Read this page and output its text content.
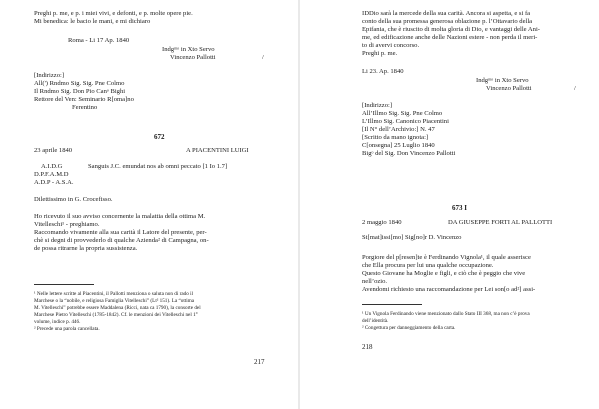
Preghi p. me, e p. i miei vivi, e defonti, e p. molte opere pie.
Mi benedica: le bacio le mani, e mi dichiaro
Roma - Li 17 Ap. 1840
Indgᵐᵒ in Xto Servo
Vincenzo Pallotti	/
[Indirizzo:]
All(') Rndmo Sig. Sig. Pne Colmo
Il Rndmo Sig. Don Pio Canᵒ Bighi
Rettore del Ven: Seminario R[oma]no
Ferentino
672
23 aprile 1840	A PIACENTINI LUIGI
A.I.D.G
D.P.F.A.M.D
A.D.P - A.S.A.
Sanguis J.C. emundat nos ab omni peccato [1 Io 1.7]
Dilettissimo in G. Crocefisso.
Ho ricevuto il suo avviso concernente la malattia della ottima M.
Vitelleschi¹ - preghiamo.
Raccomando vivamente alla sua carità il Latore del presente, per-
chè si degni di provvederlo di qualche Azienda² di Campagna, on-
de possa ritrarne la propria sussistenza.
¹ Nelle lettere scritte al Piacentini, il Pallotti menziona o saluta non di rado il
Marchese o la “nobile, e religiosa Famiglia Vitelleschi” (Lt² 151). La “ottima
M. Vitelleschi” potrebbe essere Maddalena (Ricci, nata ca 1790), la consorte del
Marchese Pietro Vitelleschi (1785-1842). Cf. le menzioni dei Vitelleschi nel 1°
volume, indice p. 446.
² Precede una parola cancellata.
217
IDDio sarà la mercede della sua carità. Ancora si aspetta, e si fa
conto della sua promessa generosa oblazione p. l’Ottavario della
Epifania, che è riuscito di molta gloria di Dio, e vantaggi delle Ani-
me, ed edificazione anche delle Nazioni estere - non perda il meri-
to di avervi concorso.
Preghi p. me.
Li 23. Ap. 1840
Indgᵐᵒ in Xto Servo
Vincenzo Pallotti	/
[Indirizzo:]
All’Illmo Sig. Sig. Pne Colmo
L’Illmo Sig. Canonico Piacentini
[Il N° dell’Archivio:] N. 47
[Scritto da mano ignota:]
C[onsegna] 25 Luglio 1840
Bigᵒ del Sig. Don Vincenzo Pallotti
673 I
2 maggio 1840	DA GIUSEPPE FORTI AL PALLOTTI
St[mat]issi[mo] Sig[no]r D. Vincenzo
Porgiore del p[resen]te è Ferdinando Vignola¹, il quale asserisce
che Ella procura per lui una qualche occupazione.
Questo Giovane ha Moglie e figli, e ciò che è peggio che vive
nell’ozio.
Avendomi richiesto una raccomandazione per Lei son[o ad²] assi-
¹ Un Vignola Ferdinando viene menzionato dallo Stato III 368, ma non c’è prova
dell’identità.
² Congettura per danneggiamento della carta.
218
